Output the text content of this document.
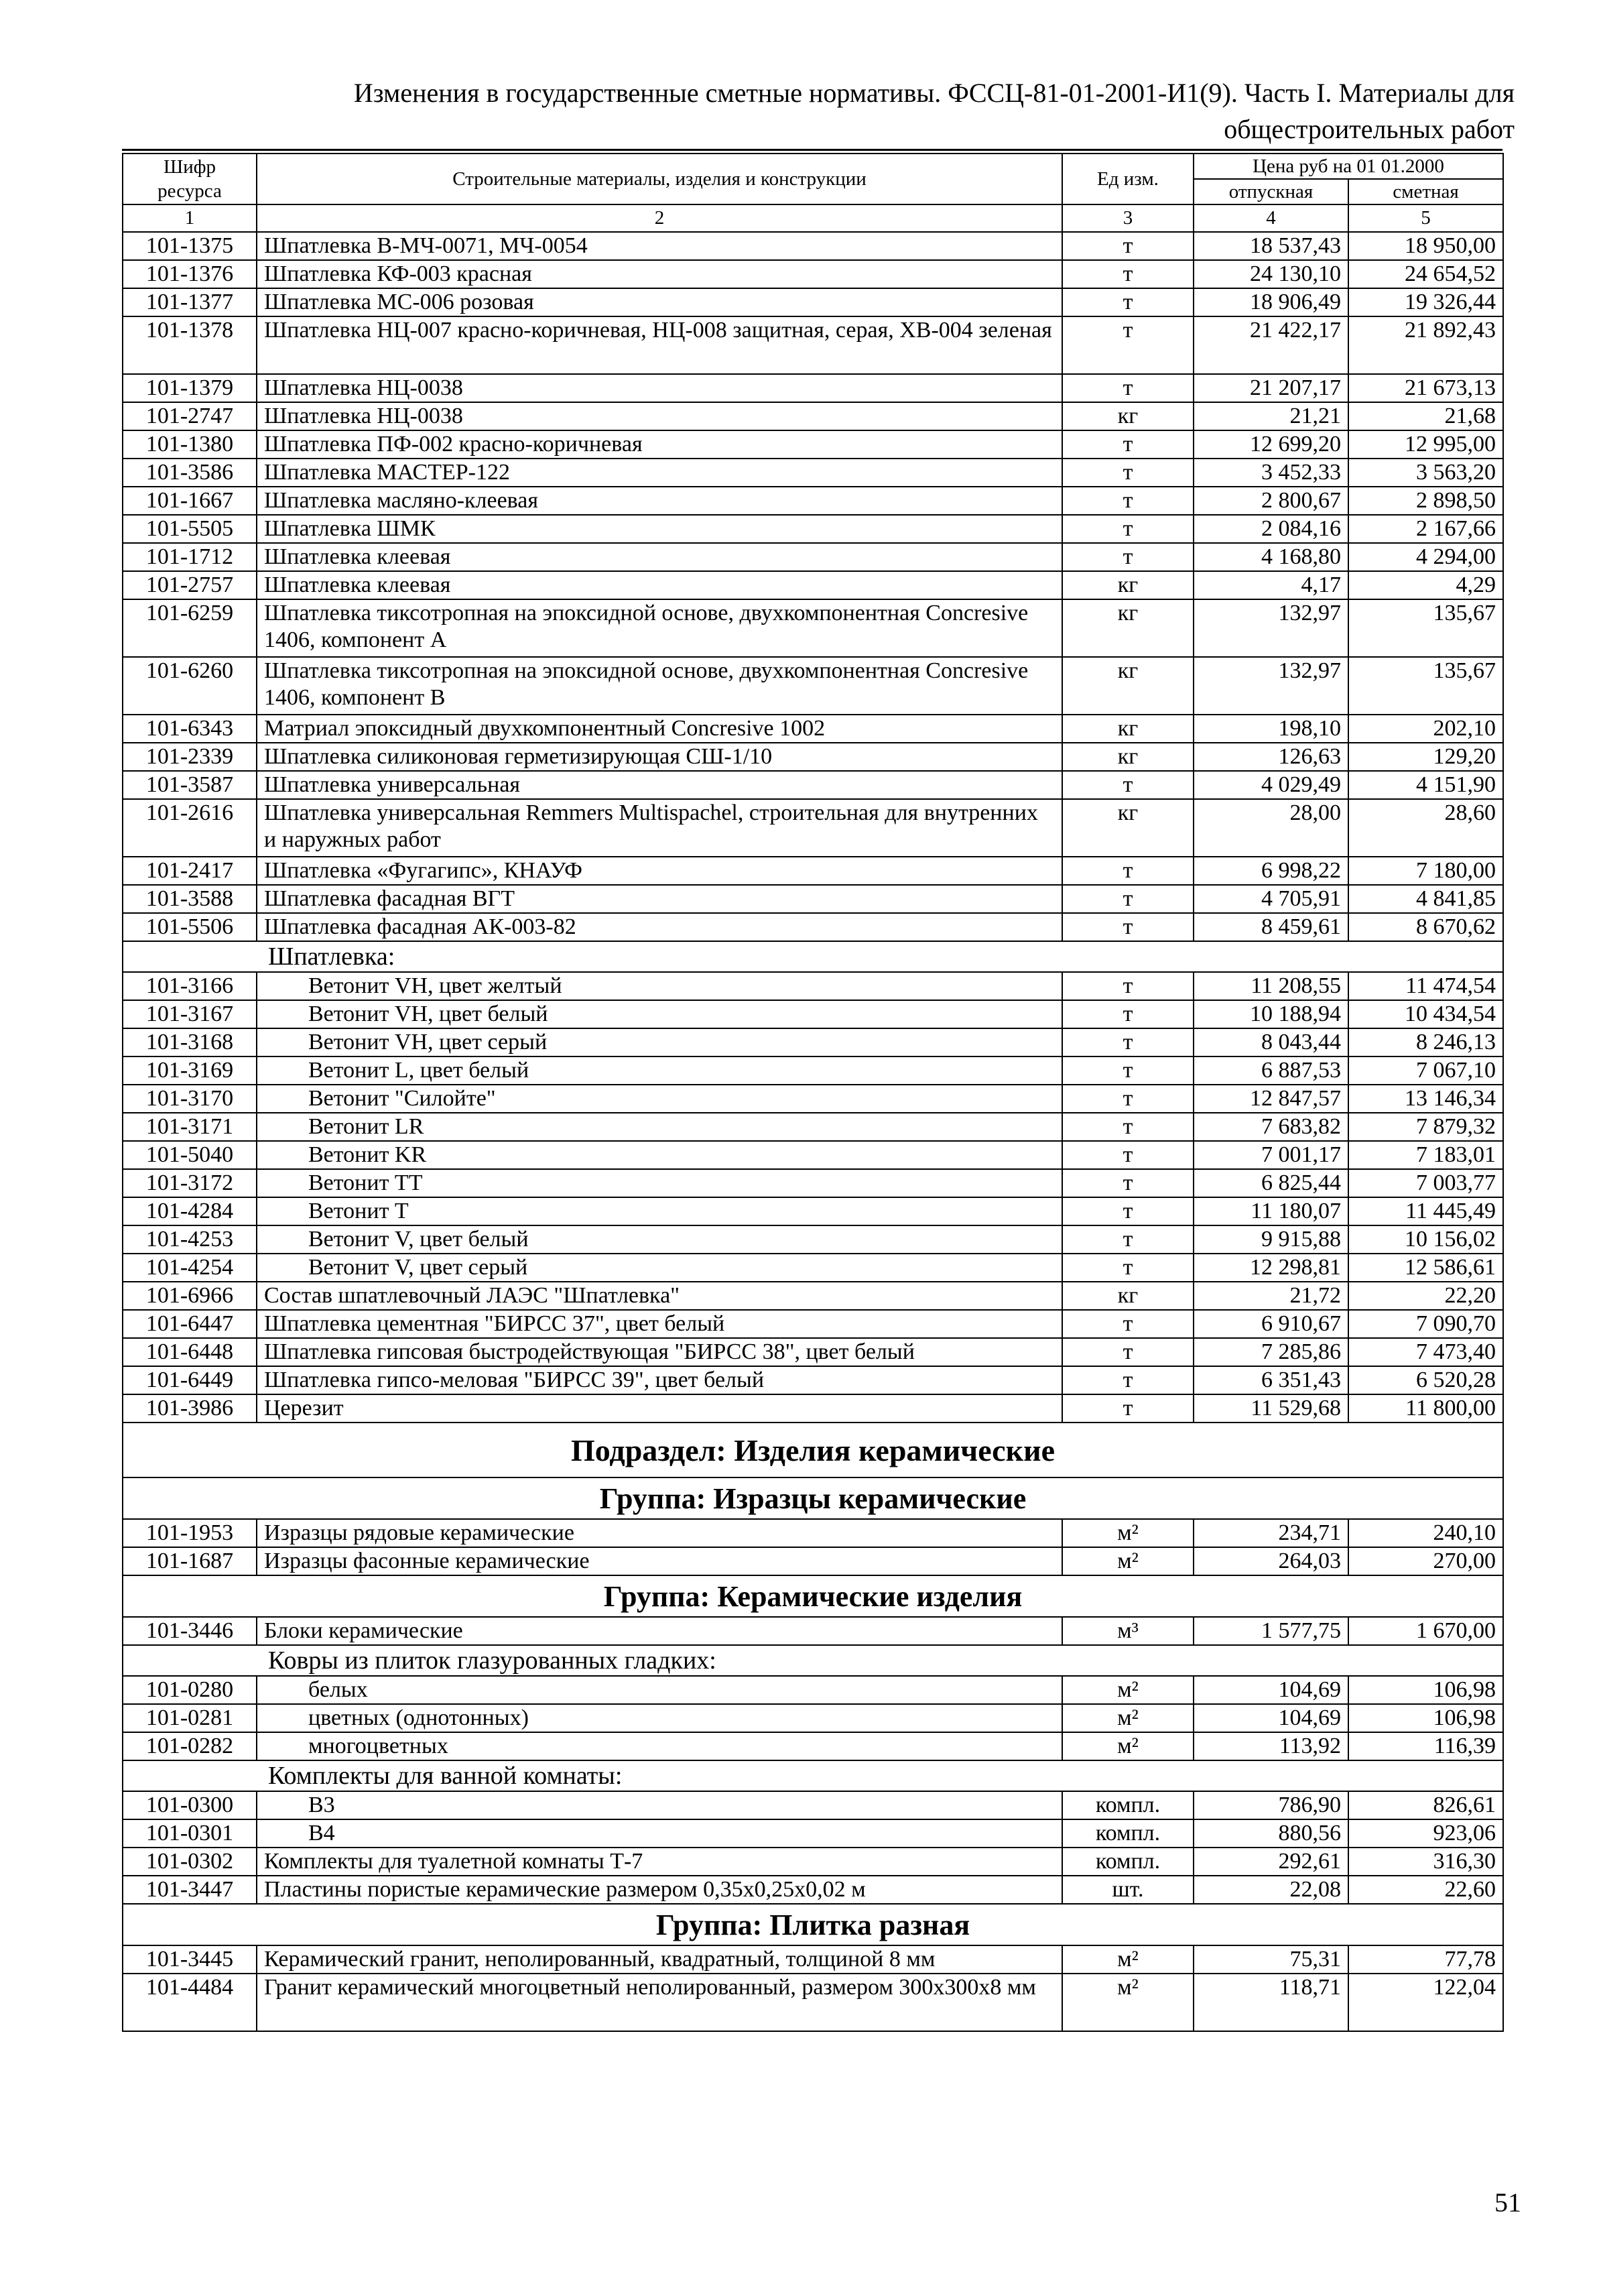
Изменения в государственные сметные нормативы. ФССЦ-81-01-2001-И1(9). Часть I. Материалы для
общестроительных работ
Шифр ресурса	Строительные материалы, изделия и конструкции	Ед изм.	Цена руб на 01 01.2000	
			отпускная	сметная
1	2	3	4	5
101-1375	Шпатлевка В-МЧ-0071, МЧ-0054	т	18 537,43	18 950,00
101-1376	Шпатлевка КФ-003 красная	т	24 130,10	24 654,52
101-1377	Шпатлевка МС-006 розовая	т	18 906,49	19 326,44
101-1378	Шпатлевка НЦ-007 красно-коричневая, НЦ-008 защитная, серая, ХВ-004 зеленая	т	21 422,17	21 892,43
101-1379	Шпатлевка НЦ-0038	т	21 207,17	21 673,13
101-2747	Шпатлевка НЦ-0038	кг	21,21	21,68
101-1380	Шпатлевка ПФ-002 красно-коричневая	т	12 699,20	12 995,00
101-3586	Шпатлевка МАСТЕР-122	т	3 452,33	3 563,20
101-1667	Шпатлевка масляно-клеевая	т	2 800,67	2 898,50
101-5505	Шпатлевка ШМК	т	2 084,16	2 167,66
101-1712	Шпатлевка клеевая	т	4 168,80	4 294,00
101-2757	Шпатлевка клеевая	кг	4,17	4,29
101-6259	Шпатлевка тиксотропная на эпоксидной основе, двухкомпонентная Concresive 1406, компонент А	кг	132,97	135,67
101-6260	Шпатлевка тиксотропная на эпоксидной основе, двухкомпонентная Concresive 1406, компонент В	кг	132,97	135,67
101-6343	Матриал эпоксидный двухкомпонентный Concresive 1002	кг	198,10	202,10
101-2339	Шпатлевка силиконовая герметизирующая СШ-1/10	кг	126,63	129,20
101-3587	Шпатлевка универсальная	т	4 029,49	4 151,90
101-2616	Шпатлевка универсальная Remmers Multispachel, строительная для внутренних и наружных работ	кг	28,00	28,60
101-2417	Шпатлевка «Фугагипс», КНАУФ	т	6 998,22	7 180,00
101-3588	Шпатлевка фасадная ВГТ	т	4 705,91	4 841,85
101-5506	Шпатлевка фасадная АК-003-82	т	8 459,61	8 670,62
Шпатлевка:				
101-3166	Ветонит VH, цвет желтый	т	11 208,55	11 474,54
101-3167	Ветонит VH, цвет белый	т	10 188,94	10 434,54
101-3168	Ветонит VH, цвет серый	т	8 043,44	8 246,13
101-3169	Ветонит L, цвет белый	т	6 887,53	7 067,10
101-3170	Ветонит "Силойте"	т	12 847,57	13 146,34
101-3171	Ветонит LR	т	7 683,82	7 879,32
101-5040	Ветонит KR	т	7 001,17	7 183,01
101-3172	Ветонит ТТ	т	6 825,44	7 003,77
101-4284	Ветонит Т	т	11 180,07	11 445,49
101-4253	Ветонит V, цвет белый	т	9 915,88	10 156,02
101-4254	Ветонит V, цвет серый	т	12 298,81	12 586,61
101-6966	Состав шпатлевочный ЛАЭС "Шпатлевка"	кг	21,72	22,20
101-6447	Шпатлевка цементная "БИРСС 37", цвет белый	т	6 910,67	7 090,70
101-6448	Шпатлевка гипсовая быстродействующая "БИРСС 38", цвет белый	т	7 285,86	7 473,40
101-6449	Шпатлевка гипсо-меловая "БИРСС 39", цвет белый	т	6 351,43	6 520,28
101-3986	Церезит	т	11 529,68	11 800,00
Подраздел: Изделия керамические				
Группа: Изразцы керамические				
101-1953	Изразцы рядовые керамические	м²	234,71	240,10
101-1687	Изразцы фасонные керамические	м²	264,03	270,00
Группа: Керамические изделия				
101-3446	Блоки керамические	м³	1 577,75	1 670,00
Ковры из плиток глазурованных гладких:				
101-0280	белых	м²	104,69	106,98
101-0281	цветных (однотонных)	м²	104,69	106,98
101-0282	многоцветных	м²	113,92	116,39
Комплекты для ванной комнаты:				
101-0300	В3	компл.	786,90	826,61
101-0301	В4	компл.	880,56	923,06
101-0302	Комплекты для туалетной комнаты Т-7	компл.	292,61	316,30
101-3447	Пластины пористые керамические размером 0,35х0,25х0,02 м	шт.	22,08	22,60
Группа: Плитка разная				
101-3445	Керамический гранит, неполированный, квадратный, толщиной 8 мм	м²	75,31	77,78
101-4484	Гранит керамический многоцветный неполированный, размером 300х300х8 мм	м²	118,71	122,04
51
